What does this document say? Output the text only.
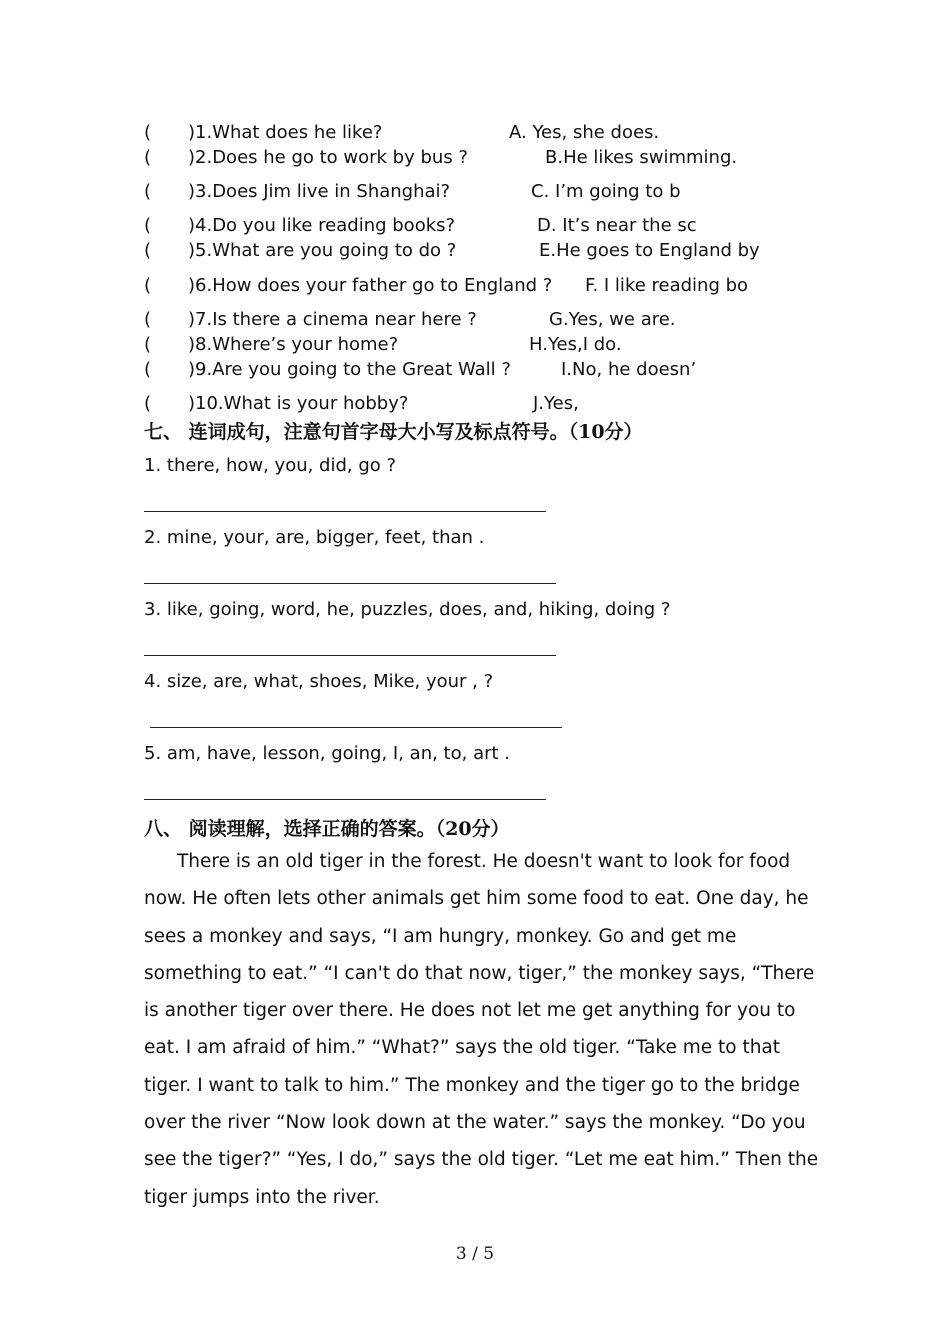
( )1.What does he like?	A. Yes, she does.
( )2.Does he go to work by bus ?	B.He likes swimming.
( )3.Does Jim live in Shanghai?	C. I’m going to b
( )4.Do you like reading books?	D. It’s near the sc
( )5.What are you going to do ?	E.He goes to England by
( )6.How does your father go to England ? F. I like reading bo
( )7.Is there a cinema near here ?	G.Yes, we are.
( )8.Where’s your home?	H.Yes,I do.
( )9.Are you going to the Great Wall ?	I.No, he doesn’
( )10.What is your hobby?	J.Yes,
七、 连词成句，注意句首字母大小写及标点符号。（10分）
1. there, how, you, did, go ?
2. mine, your, are, bigger, feet, than .
3. like, going, word, he, puzzles, does, and, hiking, doing ?
4. size, are, what, shoes, Mike, your , ?
5. am, have, lesson, going, I, an, to, art .
八、 阅读理解，选择正确的答案。（20分）

There is an old tiger in the forest. He doesn't want to look for food now. He often lets other animals get him some food to eat. One day, he sees a monkey and says, “I am hungry, monkey. Go and get me something to eat.” “I can't do that now, tiger,” the monkey says, “There is another tiger over there. He does not let me get anything for you to eat. I am afraid of him.” “What?” says the old tiger. “Take me to that tiger. I want to talk to him.” The monkey and the tiger go to the bridge over the river “Now look down at the water.” says the monkey. “Do you see the tiger?” “Yes, I do,” says the old tiger. “Let me eat him.” Then the tiger jumps into the river.

3 / 5
